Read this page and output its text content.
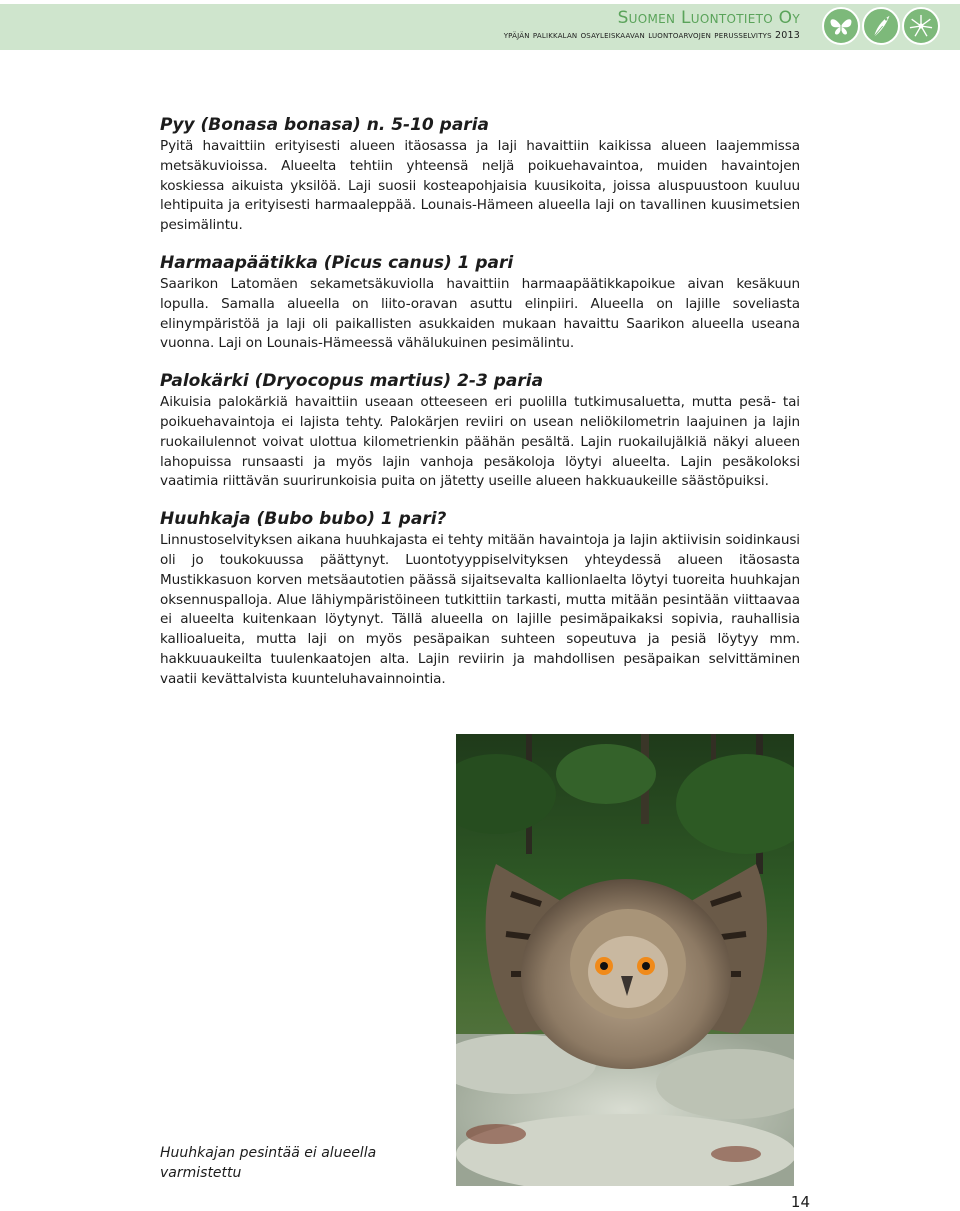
Suomen Luontotieto Oy
ypäjän palikkalan osayleiskaavan luontoarvojen perusselvitys 2013
Pyy (Bonasa bonasa) n. 5-10 paria

Pyitä havaittiin erityisesti alueen itäosassa ja laji havaittiin kaikissa alueen laajemmissa metsäkuvioissa. Alueelta tehtiin yhteensä neljä poikuehavaintoa, muiden havaintojen koskiessa aikuista yksilöä. Laji suosii kosteapohjaisia kuusikoita, joissa aluspuustoon kuuluu lehtipuita ja erityisesti harmaaleppää. Lounais-Hämeen alueella laji on tavallinen kuusimetsien pesimälintu.

Harmaapäätikka (Picus canus) 1 pari

Saarikon Latomäen sekametsäkuviolla havaittiin harmaapäätikkapoikue aivan kesäkuun lopulla. Samalla alueella on liito-oravan asuttu elinpiiri. Alueella on lajille soveliasta elinympäristöä ja laji oli paikallisten asukkaiden mukaan havaittu Saarikon alueella useana vuonna. Laji on Lounais-Hämeessä vähälukuinen pesimälintu.

Palokärki (Dryocopus martius) 2-3 paria

Aikuisia palokärkiä havaittiin useaan otteeseen eri puolilla tutkimusaluetta, mutta pesä- tai poikuehavaintoja ei lajista tehty. Palokärjen reviiri on usean neliökilometrin laajuinen ja lajin ruokailulennot voivat ulottua kilometrienkin päähän pesältä. Lajin ruokailujälkiä näkyi alueen lahopuissa runsaasti ja myös lajin vanhoja pesäkoloja löytyi alueelta. Lajin pesäkoloksi vaatimia riittävän suurirunkoisia puita on jätetty useille alueen hakkuaukeille säästöpuiksi.

Huuhkaja (Bubo bubo) 1 pari?

Linnustoselvityksen aikana huuhkajasta ei tehty mitään havaintoja ja lajin aktiivisin soidinkausi oli jo toukokuussa päättynyt. Luontotyyppiselvityksen yhteydessä alueen itäosasta Mustikkasuon korven metsäautotien päässä sijaitsevalta kallionlaelta löytyi tuoreita huuhkajan oksennuspalloja. Alue lähiympäristöineen tutkittiin tarkasti, mutta mitään pesintään viittaavaa ei alueelta kuitenkaan löytynyt. Tällä alueella on lajille pesimäpaikaksi sopivia, rauhallisia kallioalueita, mutta laji on myös pesäpaikan suhteen sopeutuva ja pesiä löytyy mm. hakkuuaukeilta tuulenkaatojen alta. Lajin reviirin ja mahdollisen pesäpaikan selvittäminen vaatii kevättalvista kuunteluhavainnointia.

Huuhkajan pesintää ei alueella varmistettu
14
